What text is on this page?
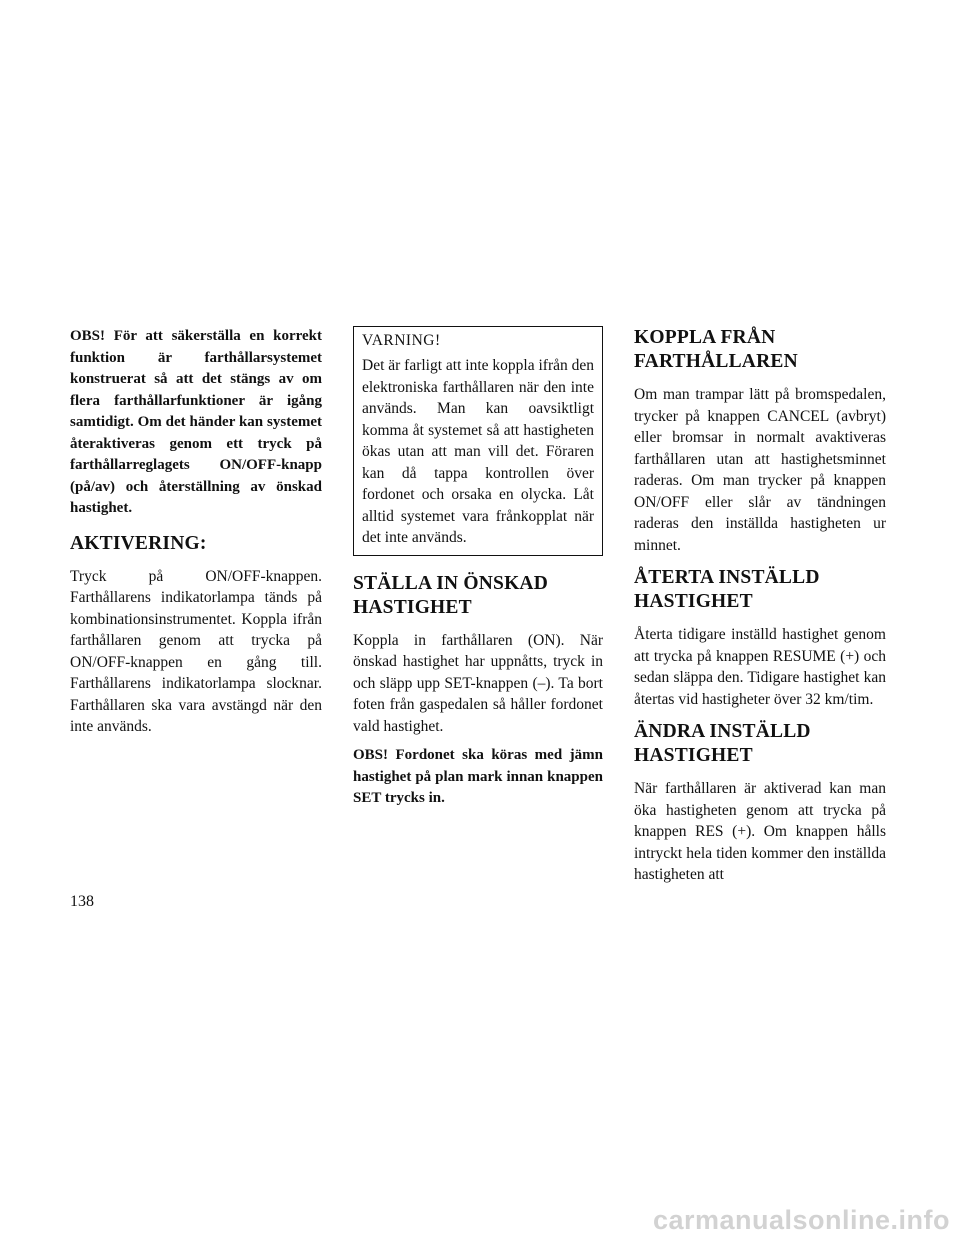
OBS! För att säkerställa en korrekt funktion är farthållarsystemet konstruerat så att det stängs av om flera farthållarfunktioner är igång samtidigt. Om det händer kan systemet återaktiveras genom ett tryck på farthållarreglagets ON/OFF-knapp (på/av) och återställning av önskad hastighet.

AKTIVERING:

Tryck på ON/OFF-knappen. Farthållarens indikatorlampa tänds på kombinationsinstrumentet. Koppla ifrån farthållaren genom att trycka på ON/OFF-knappen en gång till. Farthållarens indikatorlampa slocknar. Farthållaren ska vara avstängd när den inte används.

VARNING!

Det är farligt att inte koppla ifrån den elektroniska farthållaren när den inte används. Man kan oavsiktligt komma åt systemet så att hastigheten ökas utan att man vill det. Föraren kan då tappa kontrollen över fordonet och orsaka en olycka. Låt alltid systemet vara frånkopplat när det inte används.

STÄLLA IN ÖNSKAD HASTIGHET

Koppla in farthållaren (ON). När önskad hastighet har uppnåtts, tryck in och släpp upp SET-knappen (–). Ta bort foten från gaspedalen så håller fordonet vald hastighet.

OBS! Fordonet ska köras med jämn hastighet på plan mark innan knappen SET trycks in.

KOPPLA FRÅN FARTHÅLLAREN

Om man trampar lätt på bromspedalen, trycker på knappen CANCEL (avbryt) eller bromsar in normalt avaktiveras farthållaren utan att hastighetsminnet raderas. Om man trycker på knappen ON/OFF eller slår av tändningen raderas den inställda hastigheten ur minnet.

ÅTERTA INSTÄLLD HASTIGHET

Återta tidigare inställd hastighet genom att trycka på knappen RESUME (+) och sedan släppa den. Tidigare hastighet kan återtas vid hastigheter över 32 km/tim.

ÄNDRA INSTÄLLD HASTIGHET

När farthållaren är aktiverad kan man öka hastigheten genom att trycka på knappen RES (+). Om knappen hålls intryckt hela tiden kommer den inställda hastigheten att

138
carmanualsonline.info
